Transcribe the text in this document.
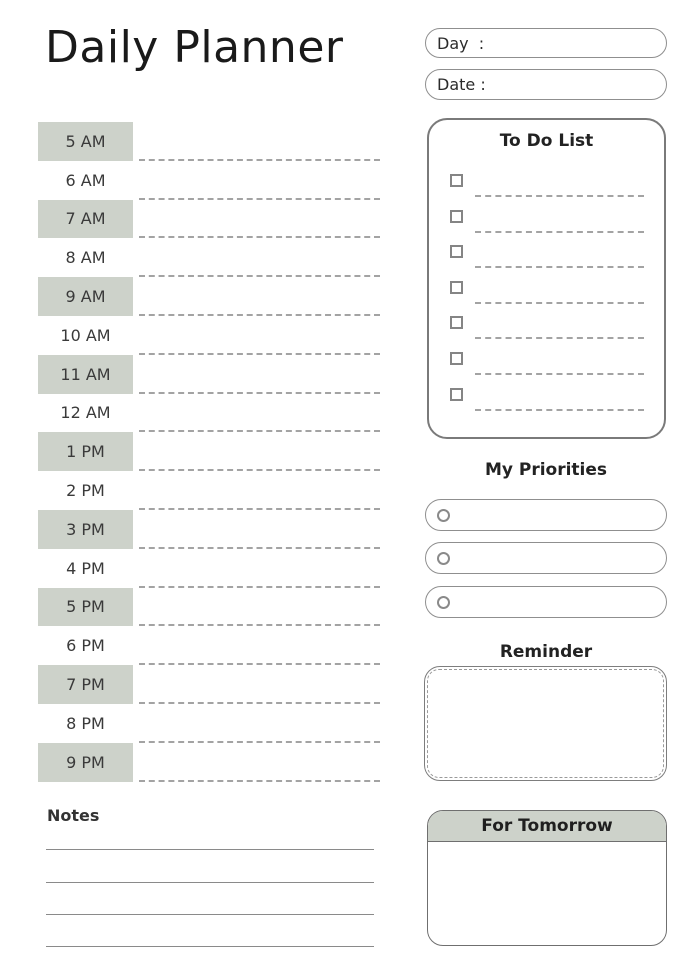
Daily Planner	Day  :
Date :
5 AM
6 AM
7 AM
8 AM
9 AM
10 AM
11 AM
12 AM
1 PM
2 PM
3 PM
4 PM
5 PM
6 PM
7 PM
8 PM
9 PM
Notes
To Do List
My Priorities
Reminder
For Tomorrow
